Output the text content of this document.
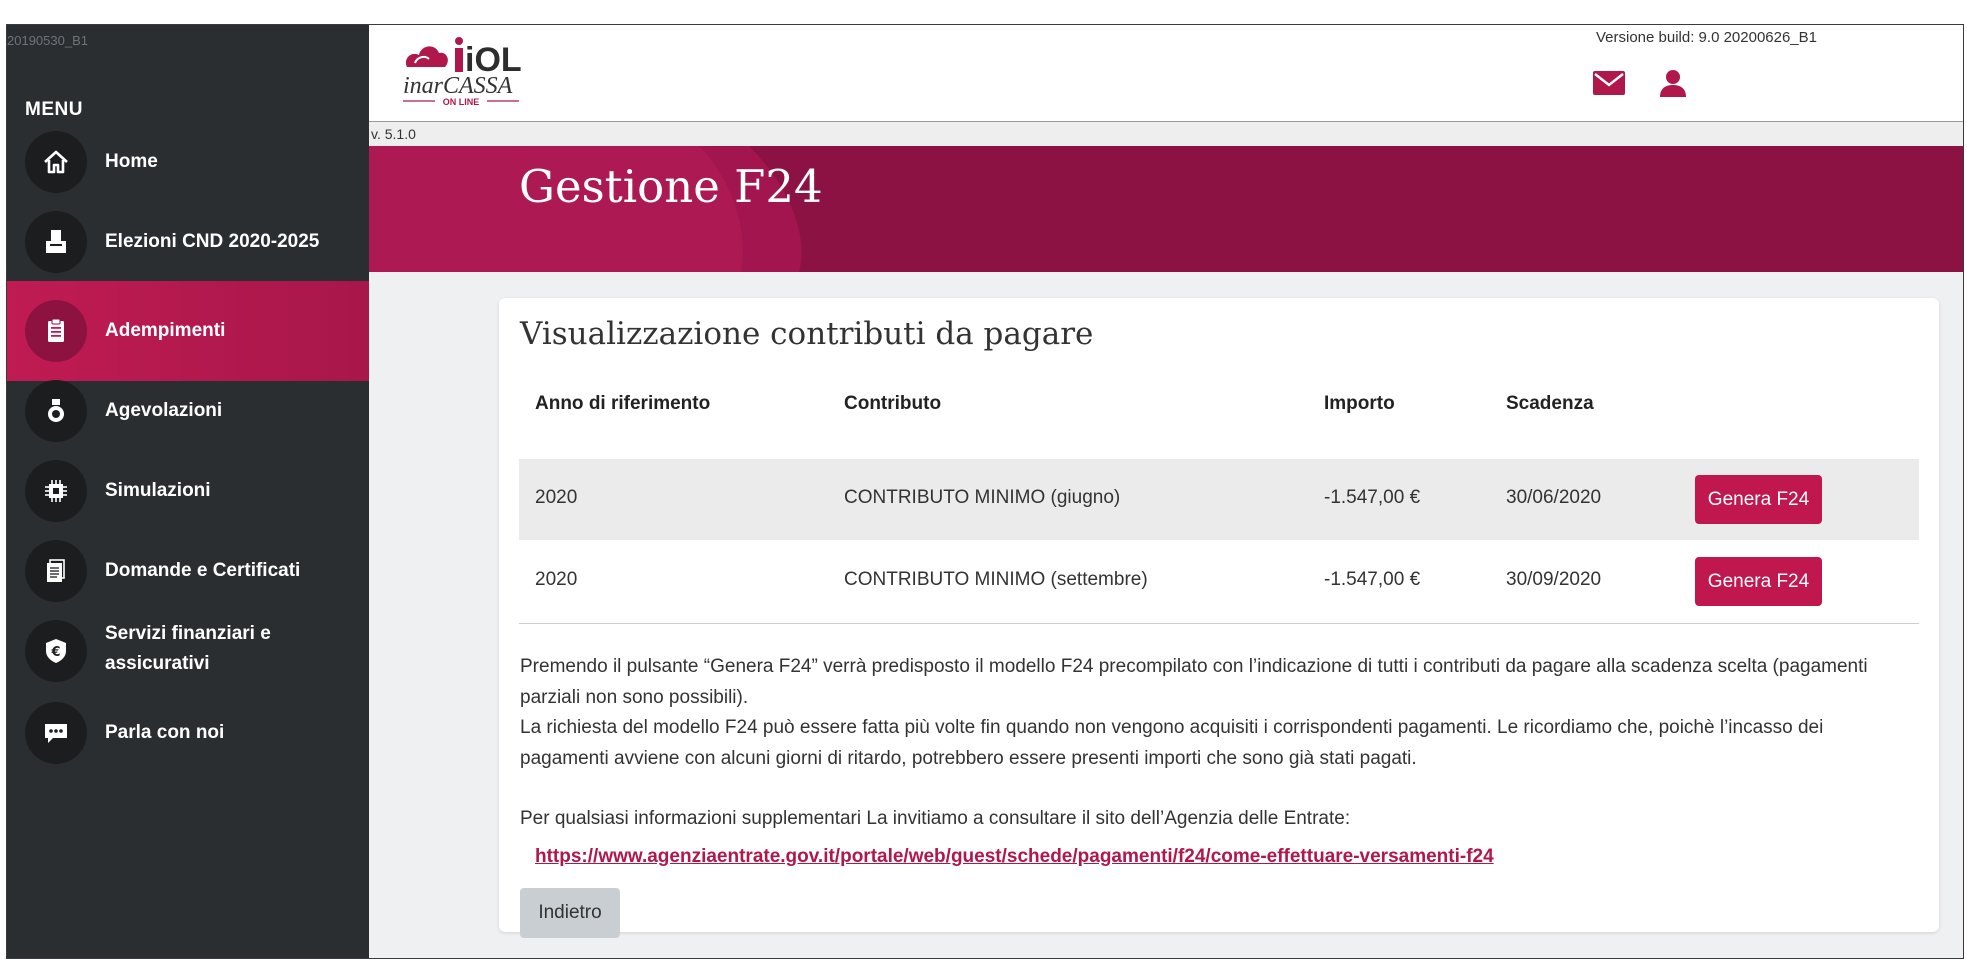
20190530_B1
MENU
Home
Elezioni CND 2020-2025
Adempimenti
Agevolazioni
Simulazioni
Domande e Certificati
€
Servizi finanziari e
assicurativi
Parla con noi
iOL
inarCASSA
ON LINE
Versione build: 9.0 20200626_B1
v. 5.1.0
Gestione F24
Visualizzazione contributi da pagare
Anno di riferimento	Contributo	Importo	Scadenza
2020	CONTRIBUTO MINIMO (giugno)	-1.547,00 €	30/06/2020	Genera F24
2020	CONTRIBUTO MINIMO (settembre)	-1.547,00 €	30/09/2020	Genera F24

Premendo il pulsante “Genera F24” verrà predisposto il modello F24 precompilato con l’indicazione di tutti i contributi da pagare alla scadenza scelta (pagamenti parziali non sono possibili).

La richiesta del modello F24 può essere fatta più volte fin quando non vengono acquisiti i corrispondenti pagamenti. Le ricordiamo che, poichè l’incasso dei pagamenti avviene con alcuni giorni di ritardo, potrebbero essere presenti importi che sono già stati pagati.

Per qualsiasi informazioni supplementari La invitiamo a consultare il sito dell’Agenzia delle Entrate:

https://www.agenziaentrate.gov.it/portale/web/guest/schede/pagamenti/f24/come-effettuare-versamenti-f24
Indietro
